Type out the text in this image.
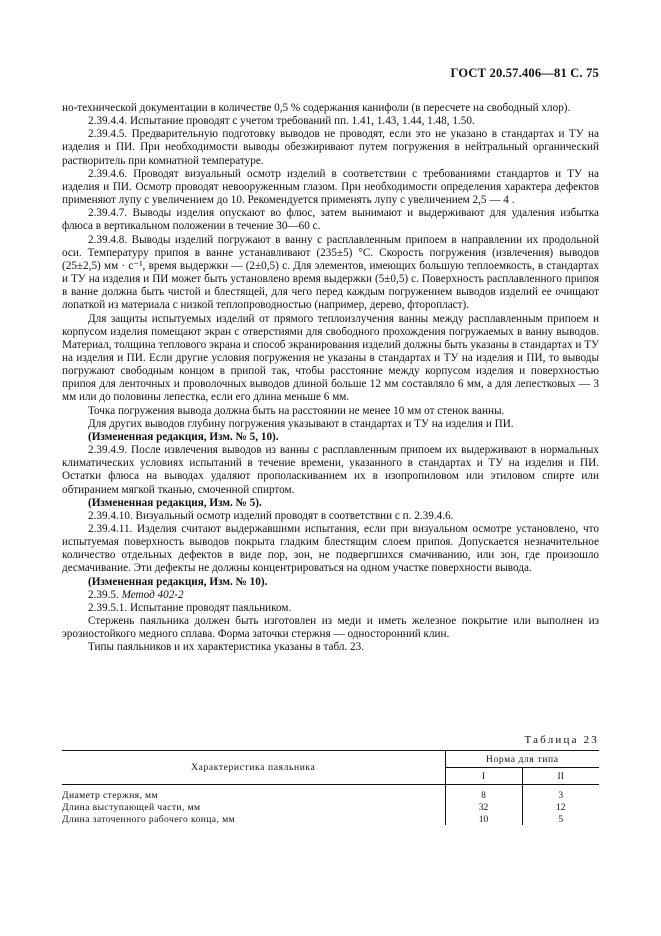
ГОСТ 20.57.406—81 С. 75

но-технической документации в количестве 0,5 % содержания канифоли (в пересчете на свободный хлор).

2.39.4.4. Испытание проводят с учетом требований пп. 1.41, 1.43, 1.44, 1.48, 1.50.

2.39.4.5. Предварительную подготовку выводов не проводят, если это не указано в стандартах и ТУ на изделия и ПИ. При необходимости выводы обезжиривают путем погружения в нейтральный органический растворитель при комнатной температуре.

2.39.4.6. Проводят визуальный осмотр изделий в соответствии с требованиями стандартов и ТУ на изделия и ПИ. Осмотр проводят невооруженным глазом. При необходимости определения характера дефектов применяют лупу с увеличением до 10. Рекомендуется применять лупу с увеличением 2,5 — 4 .

2.39.4.7. Выводы изделия опускают во флюс, затем вынимают и выдерживают для удаления избытка флюса в вертикальном положении в течение 30—60 с.

2.39.4.8. Выводы изделий погружают в ванну с расплавленным припоем в направлении их продольной оси. Температуру припоя в ванне устанавливают (235±5) °С. Скорость погружения (извлечения) выводов (25±2,5) мм · с⁻¹, время выдержки — (2±0,5) с. Для элементов, имеющих большую теплоемкость, в стандартах и ТУ на изделия и ПИ может быть установлено время выдержки (5±0,5) с. Поверхность расплавленного припоя в ванне должна быть чистой и блестящей, для чего перед каждым погружением выводов изделий ее очищают лопаткой из материала с низкой теплопроводностью (например, дерево, фторопласт).

Для защиты испытуемых изделий от прямого теплоизлучения ванны между расплавленным припоем и корпусом изделия помещают экран с отверстиями для свободного прохождения погружаемых в ванну выводов. Материал, толщина теплового экрана и способ экранирования изделий должны быть указаны в стандартах и ТУ на изделия и ПИ. Если другие условия погружения не указаны в стандартах и ТУ на изделия и ПИ, то выводы погружают свободным концом в припой так, чтобы расстояние между корпусом изделия и поверхностью припоя для ленточных и проволочных выводов длиной больше 12 мм составляло 6 мм, а для лепестковых — 3 мм или до половины лепестка, если его длина меньше 6 мм.

Точка погружения вывода должна быть на расстоянии не менее 10 мм от стенок ванны.

Для других выводов глубину погружения указывают в стандартах и ТУ на изделия и ПИ.

(Измененная редакция, Изм. № 5, 10).

2.39.4.9. После извлечения выводов из ванны с расплавленным припоем их выдерживают в нормальных климатических условиях испытаний в течение времени, указанного в стандартах и ТУ на изделия и ПИ. Остатки флюса на выводах удаляют прополаскиванием их в изопропиловом или этиловом спирте или обтиранием мягкой тканью, смоченной спиртом.

(Измененная редакция, Изм. № 5).

2.39.4.10. Визуальный осмотр изделий проводят в соответствии с п. 2.39.4.6.

2.39.4.11. Изделия считают выдержавшими испытания, если при визуальном осмотре установлено, что испытуемая поверхность выводов покрыта гладким блестящим слоем припоя. Допускается незначительное количество отдельных дефектов в виде пор, зон, не подвергшихся смачиванию, или зон, где произошло десмачивание. Эти дефекты не должны концентрироваться на одном участке поверхности вывода.

(Измененная редакция, Изм. № 10).

2.39.5. Метод 402-2

2.39.5.1. Испытание проводят паяльником.

Стержень паяльника должен быть изготовлен из меди и иметь железное покрытие или выполнен из эрозиостойкого медного сплава. Форма заточки стержня — односторонний клин.

Типы паяльников и их характеристика указаны в табл. 23.

Таблица 23
Характеристика паяльника	Норма для типа	
	I	II
Диаметр стержня, мм	8	3
Длина выступающей части, мм	32	12
Длина заточенного рабочего конца, мм	10	5
